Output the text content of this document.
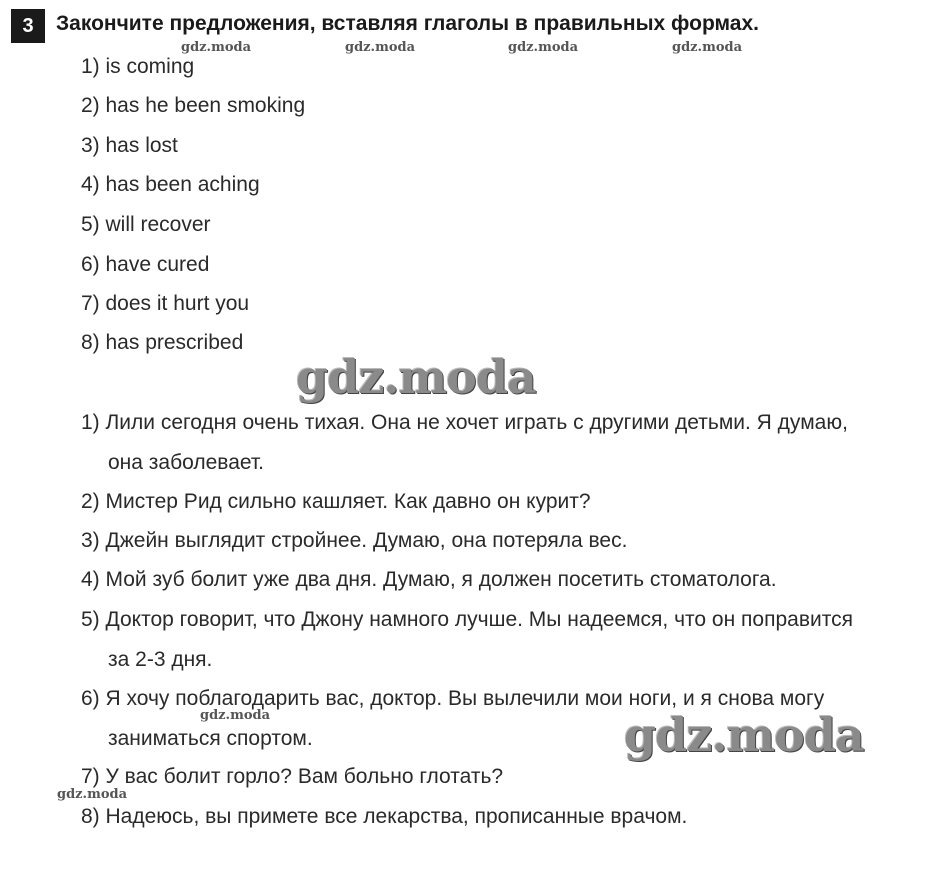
3	Закончите предложения, вставляя глаголы в правильных формах.
gdz.moda	gdz.moda	gdz.moda	gdz.moda
1) is coming
2) has he been smoking
3) has lost
4) has been aching
5) will recover
6) have cured
7) does it hurt you
8) has prescribed
gdz.moda
1) Лили сегодня очень тихая. Она не хочет играть с другими детьми. Я думаю,
она заболевает.
2) Мистер Рид сильно кашляет. Как давно он курит?
3) Джейн выглядит стройнее. Думаю, она потеряла вес.
4) Мой зуб болит уже два дня. Думаю, я должен посетить стоматолога.
5) Доктор говорит, что Джону намного лучше. Мы надеемся, что он поправится
за 2-3 дня.
6) Я хочу поблагодарить вас, доктор. Вы вылечили мои ноги, и я снова могу
заниматься спортом.
7) У вас болит горло? Вам больно глотать?
8) Надеюсь, вы примете все лекарства, прописанные врачом.
gdz.moda	gdz.moda
gdz.moda
